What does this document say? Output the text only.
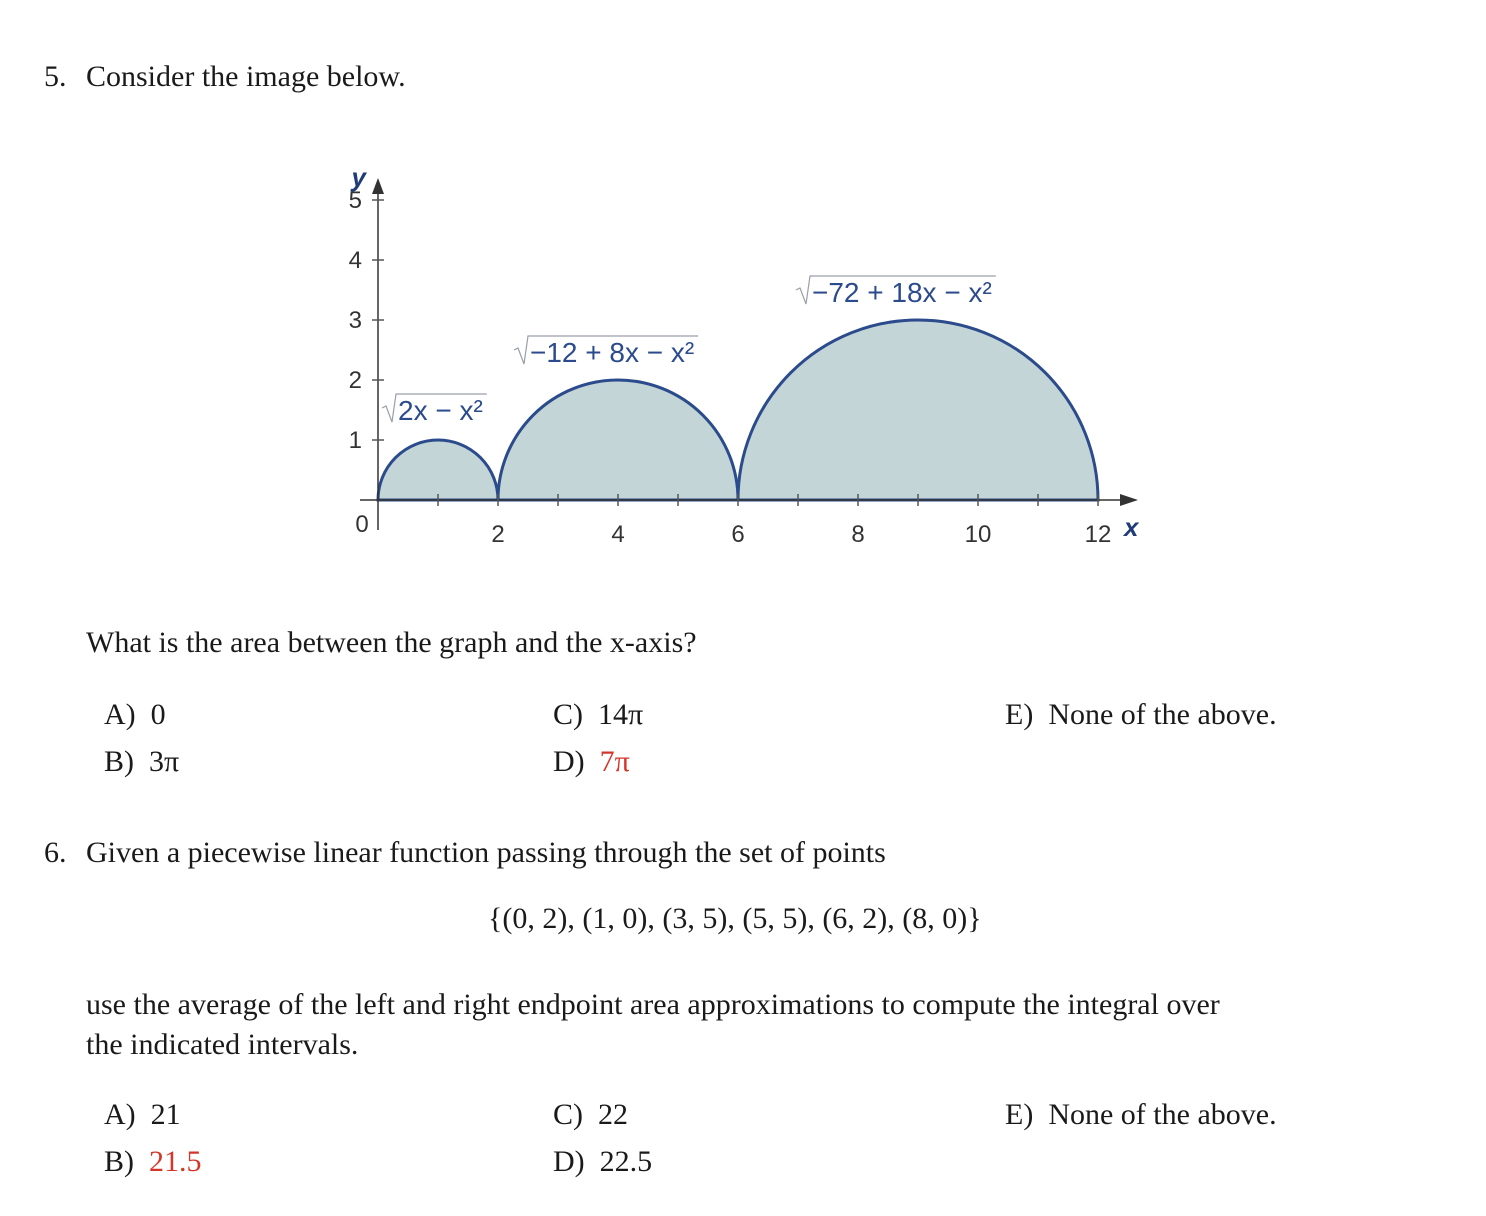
5. Consider the image below.
0	2	4	6	8	10	12
1
2
3
4
5
x
y
2x − x²
−12 + 8x − x²
−72 + 18x − x²
What is the area between the graph and the x-axis?
A) 0
B) 3π
C) 14π
D) 7π
E) None of the above.
6. Given a piecewise linear function passing through the set of points
{(0, 2), (1, 0), (3, 5), (5, 5), (6, 2), (8, 0)}
use the average of the left and right endpoint area approximations to compute the integral over
the indicated intervals.
A) 21
B) 21.5
C) 22
D) 22.5
E) None of the above.
